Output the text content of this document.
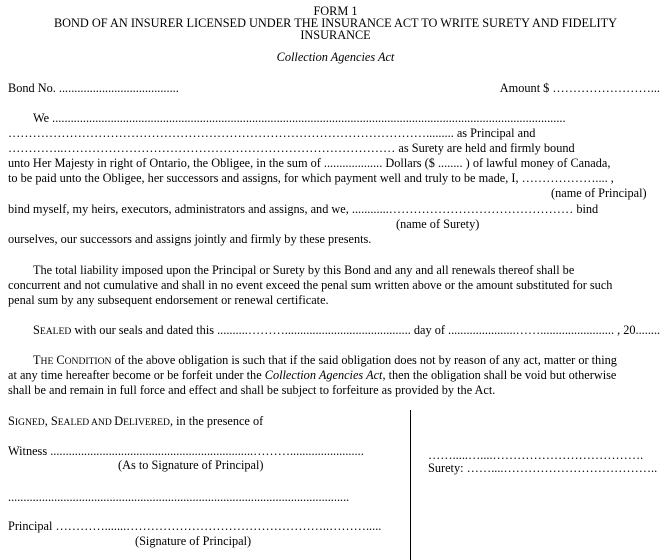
FORM 1
BOND OF AN INSURER LICENSED UNDER THE INSURANCE ACT TO WRITE SURETY AND FIDELITY
INSURANCE
Collection Agencies Act
Bond No. .......................................	Amount $ ……………………...
We .......................................................................................................................................................................
…………………………………………………………………………………………......... as Principal and
…………..……………………………………………………………………… as Surety are held and firmly bound
unto Her Majesty in right of Ontario, the Obligee, in the sum of ................... Dollars ($ ........ ) of lawful money of Canada,
to be paid unto the Obligee, her successors and assigns, for which payment well and truly to be made, I, ……………….... ,
(name of Principal)
bind myself, my heirs, executors, administrators and assigns, and we, ............……………………………………… bind
(name of Surety)
ourselves, our successors and assigns jointly and firmly by these presents.
The total liability imposed upon the Principal or Surety by this Bond and any and all renewals thereof shall be
concurrent and not cumulative and shall in no event exceed the penal sum written above or the amount substituted for such
penal sum by any subsequent endorsement or renewal certificate.
SEALED with our seals and dated this ..........………......................................... day of ......................……........................ , 20........
THE CONDITION of the above obligation is such that if the said obligation does not by reason of any act, matter or thing
at any time hereafter become or be forfeit under the Collection Agencies Act, then the obligation shall be void but otherwise
shall be and remain in full force and effect and shall be subject to forfeiture as provided by the Act.
SIGNED, SEALED AND DELIVERED, in the presence of
Witness ..................................................................………........................
(As to Signature of Principal)
...............................................................................................................
Principal ………….......…………………………………………..……….....
(Signature of Principal)
…….....…....……………………………….
Surety: ……....………………………………..
